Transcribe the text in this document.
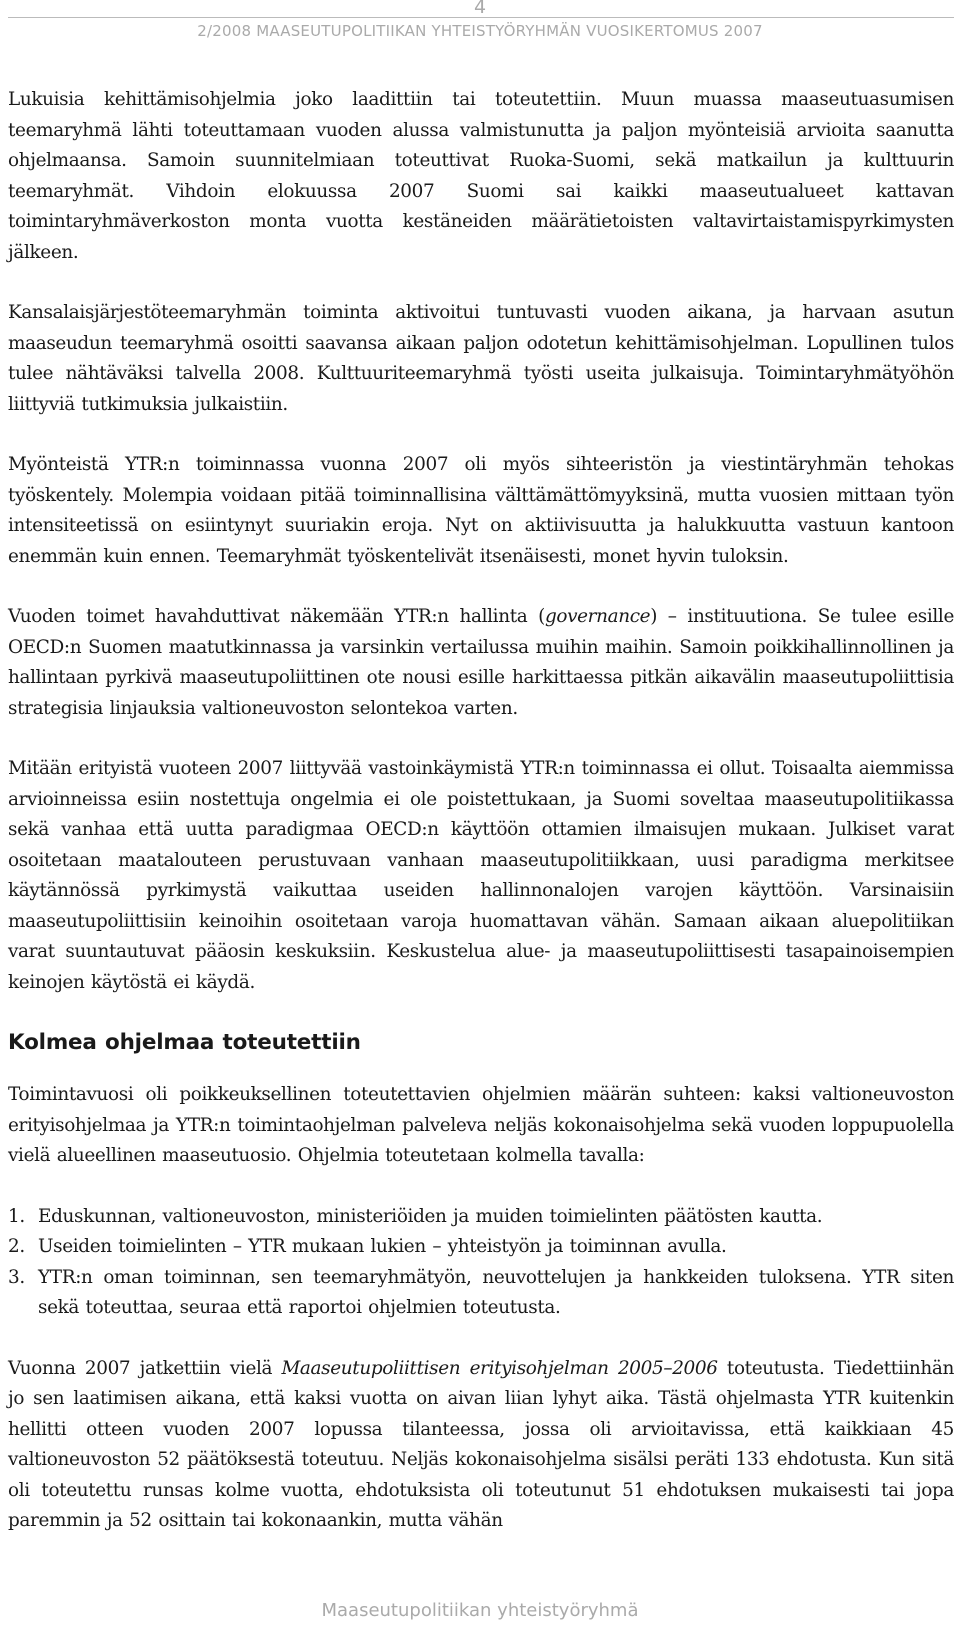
4
2/2008 MAASEUTUPOLITIIKAN YHTEISTYÖRYHMÄN VUOSIKERTOMUS 2007

Lukuisia kehittämisohjelmia joko laadittiin tai toteutettiin. Muun muassa maaseutuasumisen teemaryhmä lähti toteuttamaan vuoden alussa valmistunutta ja paljon myönteisiä arvioita saanutta ohjelmaansa. Samoin suunnitelmiaan toteuttivat Ruoka-Suomi, sekä matkailun ja kulttuurin teemaryhmät. Vihdoin elokuussa 2007 Suomi sai kaikki maaseutualueet kattavan toimintaryhmäverkoston monta vuotta kestäneiden määrätietoisten valtavirtaistamispyrkimysten jälkeen.

Kansalaisjärjestöteemaryhmän toiminta aktivoitui tuntuvasti vuoden aikana, ja harvaan asutun maaseudun teemaryhmä osoitti saavansa aikaan paljon odotetun kehittämisohjelman. Lopullinen tulos tulee nähtäväksi talvella 2008. Kulttuuriteemaryhmä työsti useita julkaisuja. Toimintaryhmätyöhön liittyviä tutkimuksia julkaistiin.

Myönteistä YTR:n toiminnassa vuonna 2007 oli myös sihteeristön ja viestintäryhmän tehokas työskentely. Molempia voidaan pitää toiminnallisina välttämättömyyksinä, mutta vuosien mittaan työn intensiteetissä on esiintynyt suuriakin eroja. Nyt on aktiivisuutta ja halukkuutta vastuun kantoon enemmän kuin ennen. Teemaryhmät työskentelivät itsenäisesti, monet hyvin tuloksin.

Vuoden toimet havahduttivat näkemään YTR:n hallinta (governance) – instituutiona. Se tulee esille OECD:n Suomen maatutkinnassa ja varsinkin vertailussa muihin maihin. Samoin poikkihallinnollinen ja hallintaan pyrkivä maaseutupoliittinen ote nousi esille harkittaessa pitkän aikavälin maaseutupoliittisia strategisia linjauksia valtioneuvoston selontekoa varten.

Mitään erityistä vuoteen 2007 liittyvää vastoinkäymistä YTR:n toiminnassa ei ollut. Toisaalta aiemmissa arvioinneissa esiin nostettuja ongelmia ei ole poistettukaan, ja Suomi soveltaa maaseutupolitiikassa sekä vanhaa että uutta paradigmaa OECD:n käyttöön ottamien ilmaisujen mukaan. Julkiset varat osoitetaan maatalouteen perustuvaan vanhaan maaseutupolitiikkaan, uusi paradigma merkitsee käytännössä pyrkimystä vaikuttaa useiden hallinnonalojen varojen käyttöön. Varsinaisiin maaseutupoliittisiin keinoihin osoitetaan varoja huomattavan vähän. Samaan aikaan aluepolitiikan varat suuntautuvat pääosin keskuksiin. Keskustelua alue- ja maaseutupoliittisesti tasapainoisempien keinojen käytöstä ei käydä.

Kolmea ohjelmaa toteutettiin

Toimintavuosi oli poikkeuksellinen toteutettavien ohjelmien määrän suhteen: kaksi valtioneuvoston erityisohjelmaa ja YTR:n toimintaohjelman palveleva neljäs kokonaisohjelma sekä vuoden loppupuolella vielä alueellinen maaseutuosio. Ohjelmia toteutetaan kolmella tavalla:

1. Eduskunnan, valtioneuvoston, ministeriöiden ja muiden toimielinten päätösten kautta.
2. Useiden toimielinten – YTR mukaan lukien – yhteistyön ja toiminnan avulla.
3. YTR:n oman toiminnan, sen teemaryhmätyön, neuvottelujen ja hankkeiden tuloksena. YTR siten sekä toteuttaa, seuraa että raportoi ohjelmien toteutusta.

Vuonna 2007 jatkettiin vielä Maaseutupoliittisen erityisohjelman 2005–2006 toteutusta. Tiedettiinhän jo sen laatimisen aikana, että kaksi vuotta on aivan liian lyhyt aika. Tästä ohjelmasta YTR kuitenkin hellitti otteen vuoden 2007 lopussa tilanteessa, jossa oli arvioitavissa, että kaikkiaan 45 valtioneuvoston 52 päätöksestä toteutuu. Neljäs kokonaisohjelma sisälsi peräti 133 ehdotusta. Kun sitä oli toteutettu runsas kolme vuotta, ehdotuksista oli toteutunut 51 ehdotuksen mukaisesti tai jopa paremmin ja 52 osittain tai kokonaankin, mutta vähän

Maaseutupolitiikan yhteistyöryhmä
